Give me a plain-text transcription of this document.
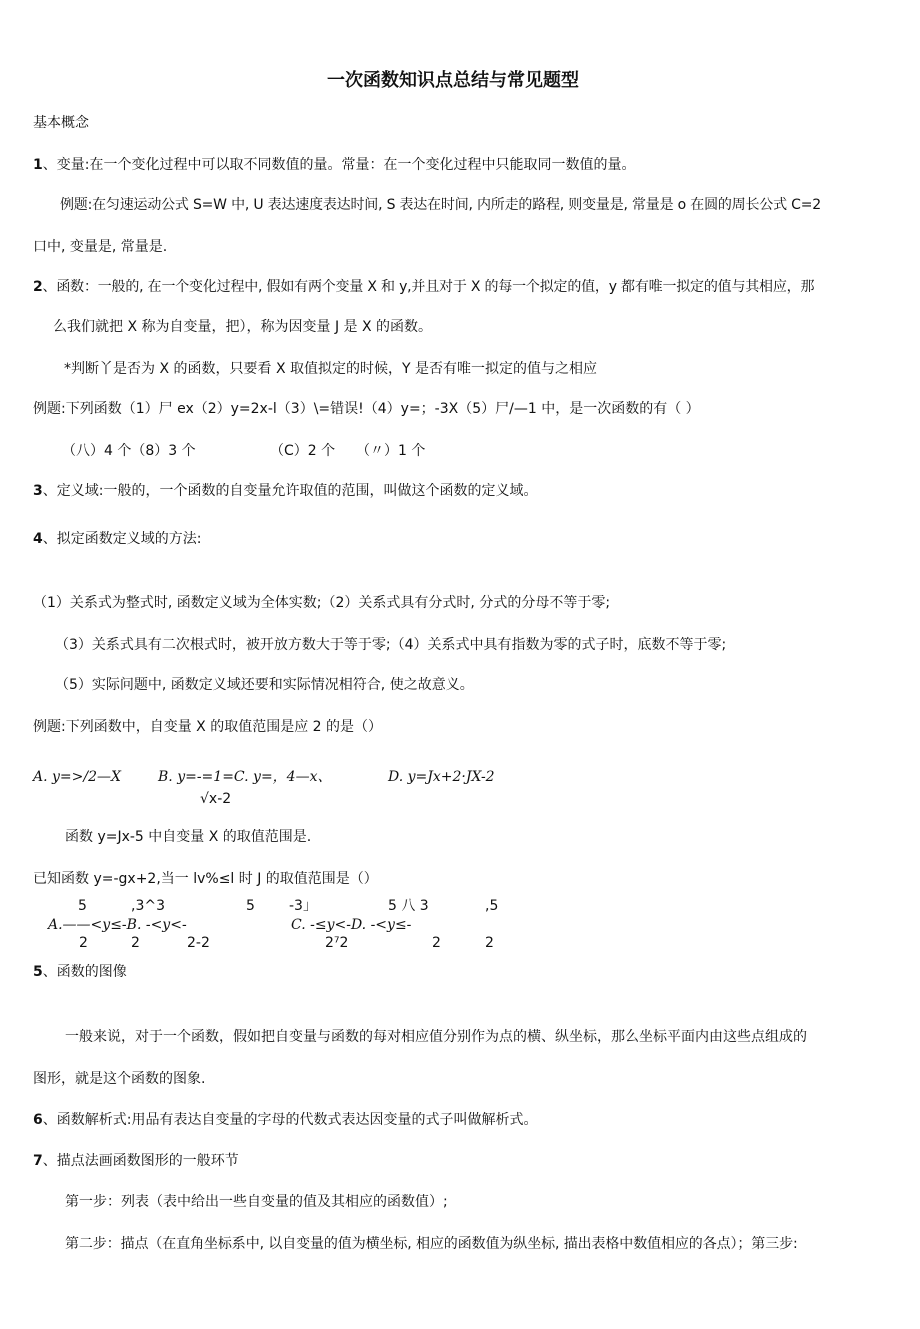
一次函数知识点总结与常见题型
基本概念
1、变量:在一个变化过程中可以取不同数值的量。常量：在一个变化过程中只能取同一数值的量。
例题:在匀速运动公式 S=W 中, U 表达速度表达时间, S 表达在时间, 内所走的路程, 则变量是, 常量是 o 在圆的周长公式 C=2
口中, 变量是, 常量是.
2、函数：一般的, 在一个变化过程中, 假如有两个变量 X 和 y,并且对于 X 的每一个拟定的值，y 都有唯一拟定的值与其相应，那
么我们就把 X 称为自变量，把），称为因变量 J 是 X 的函数。
*判断丫是否为 X 的函数，只要看 X 取值拟定的时候，Y 是否有唯一拟定的值与之相应
例题:下列函数（1）尸 ex（2）y=2x-l（3）\=错误!（4）y=；-3X（5）尸/—1 中，是一次函数的有（ ）
（八）4 个（8）3 个	（C）2 个 （〃）1 个
3、定义域:一般的，一个函数的自变量允许取值的范围，叫做这个函数的定义域。
4、拟定函数定义域的方法:
（1）关系式为整式时, 函数定义域为全体实数;（2）关系式具有分式时, 分式的分母不等于零;
（3）关系式具有二次根式时，被开放方数大于等于零;（4）关系式中具有指数为零的式子时，底数不等于零;
（5）实际问题中, 函数定义域还要和实际情况相符合, 使之故意义。
例题:下列函数中，自变量 X 的取值范围是应 2 的是（）
A. y=>/2—X	B. y=-=1=C. y=，4—x、
√x-2
D. y=Jx+2·JX-2
函数 y=Jx-5 中自变量 X 的取值范围是.
已知函数 y=-gx+2,当一 lv%≤l 时 J 的取值范围是（）
5	,3^3	5 -3」	5 八 3	,5
A.——<y≤-B. -<y<-	C. -≤y<-D. -<y≤-
2	2	2-2	2⁷2	2	2
5、函数的图像
一般来说，对于一个函数，假如把自变量与函数的每对相应值分别作为点的横、纵坐标，那么坐标平面内由这些点组成的
图形，就是这个函数的图象.
6、函数解析式:用品有表达自变量的字母的代数式表达因变量的式子叫做解析式。
7、描点法画函数图形的一般环节
第一步：列表（表中给出一些自变量的值及其相应的函数值）;
第二步：描点（在直角坐标系中, 以自变量的值为横坐标, 相应的函数值为纵坐标, 描出表格中数值相应的各点）；第三步:
